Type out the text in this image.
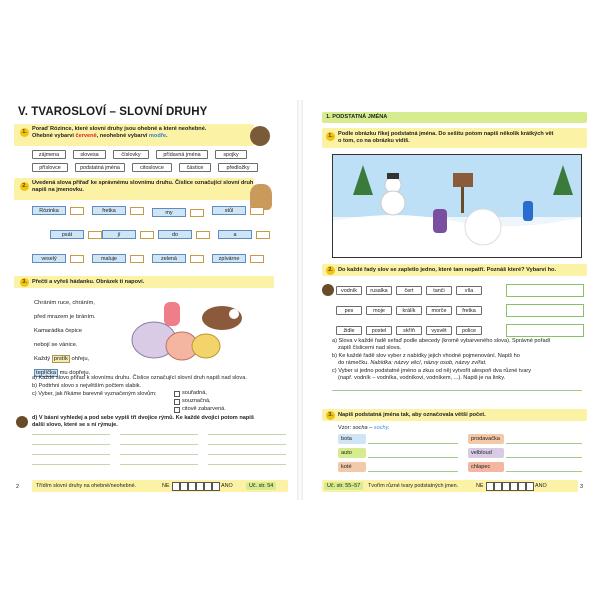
V. TVAROSLOVÍ – SLOVNÍ DRUHY
1. Poraď Rózince, které slovní druhy jsou ohebné a které neohebné.
Ohebné vybarvi červeně, neohebné vybarvi modře.
zájmena	slovesa	číslovky	přídavná jména	spojky
příslovce	podstatná jména	citoslovce	částice	předložky
2. Uvedená slova přiřaď ke správnému slovnímu druhu. Číslice označující slovní druh
napiš na jmenovku.
Rózinka	fretka	my	stůl
psát	jí	do	a
veselý	maluje	zelená	zpívárne
3. Přečti a vyřeš hádanku. Obrázek ti napoví.
Chráním ruce, chráním,
před mrazem je bráním.
Kamarádka čepice
nebojí se vánice.
Každý prstík ohřeju,
teplíčka mu dopřeju.
a) Každé slovo přiřaď k slovnímu druhu. Číslice označující slovní druh napiš nad slova.
b) Podtrhni slovo s největším počtem slabik.
c) Vyber, jak říkáme barevně vyznačeným slovům:	souřadná,
souznačná,
citově zabarvená.
d) V básni vyhledej a pod sebe vypiš tři dvojice rýmů. Ke každé dvojici potom napiš
dalši slovo, které se s ní rýmuje.
2	Třídím slovní druhy na ohebné/neohebné.	NE	ANO	Uč. str. 54
1. PODSTATNÁ JMÉNA
1. Podle obrázku řikej podstatná jména. Do sešitu potom napiš několik krátkých vět
o tom, co na obrázku vidíš.
2. Do každé řady slov se zapletlo jedno, které tam nepatří. Poznáš které? Vybarvi ho.
vodník	rusalka	čert	tanči	víla
pes	moje	králík	morče	fretka
židle	postel	skříň	vysvět	police
a) Slova v každé řadě seřaď podle abecedy (kromě vybarveného slova). Správné pořadí
zapiš číslicemi nad slova.
b) Ke každé řadě slov vyber z nabídky jejich vhodné pojmenování. Napiš ho
do rámečku. Nabídka: názvy věcí, názvy osob, názvy zvířat.
c) Vyber si jedno podstatné jméno a zkus od něj vytvořit alespoň dva různé tvary
(např. vodník – vodníka, vodníkovi, vodníkem, ...). Napiš je na linky.
3. Napiš podstatná jména tak, aby označovala větší počet.
Vzor: socha – sochy.
bota
auto
koté
prodavačka
velbloud
chlapec
Uč. str. 55–57	Tvořím různé tvary podstatných jmen.	NE	ANO	3
